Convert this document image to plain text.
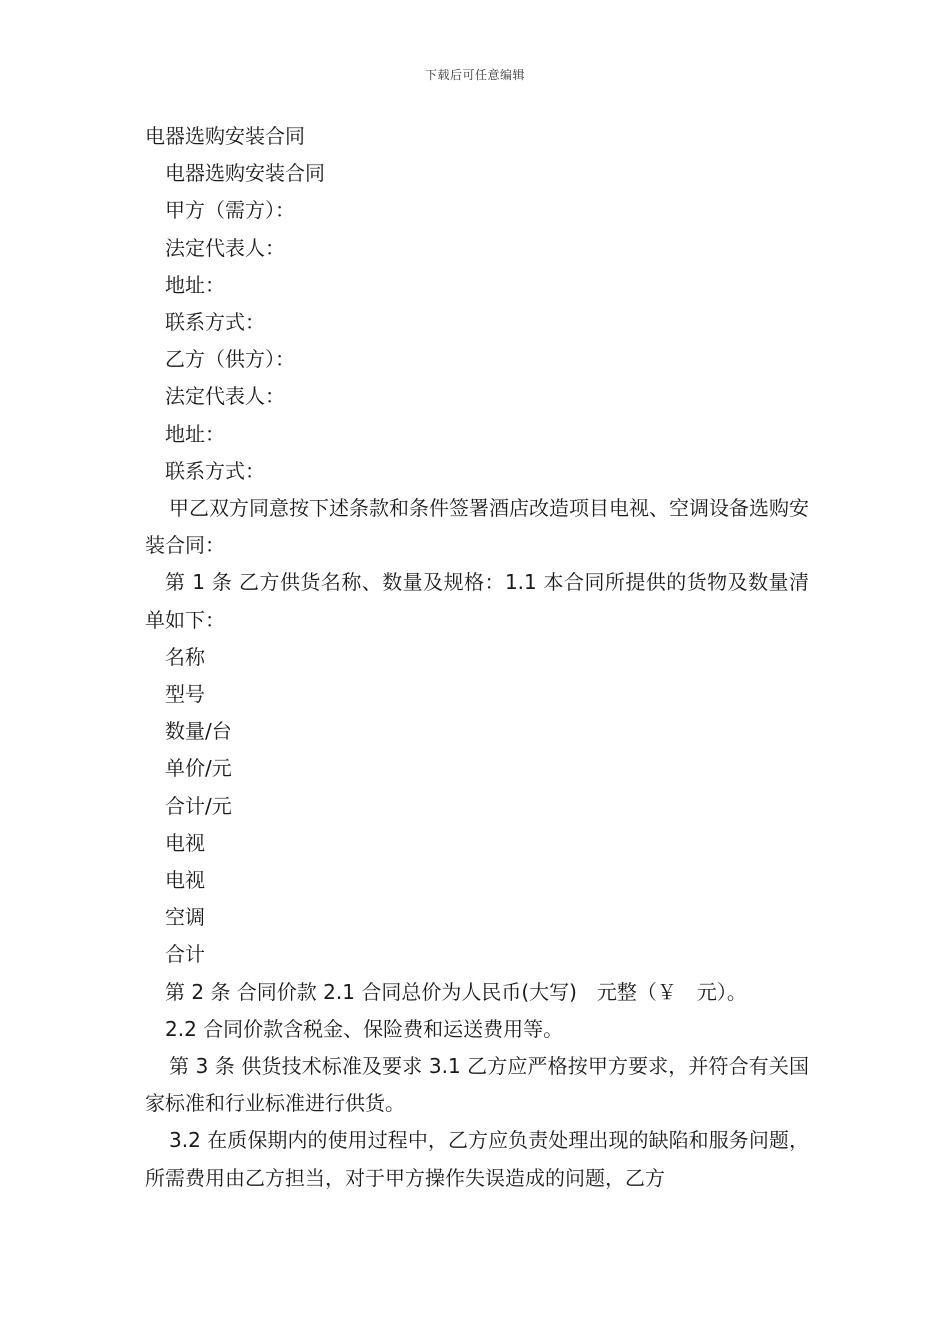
下载后可任意编辑

电器选购安装合同

电器选购安装合同

甲方（需方）：

法定代表人：

地址：

联系方式：

乙方（供方）：

法定代表人：

地址：

联系方式：

甲乙双方同意按下述条款和条件签署酒店改造项目电视、空调设备选购安装合同：

第 1 条 乙方供货名称、数量及规格：1.1 本合同所提供的货物及数量清单如下：

名称

型号

数量/台

单价/元

合计/元

电视

电视

空调

合计

第 2 条 合同价款 2.1 合同总价为人民币(大写)　元整（￥　元）。

2.2 合同价款含税金、保险费和运送费用等。

第 3 条 供货技术标准及要求 3.1 乙方应严格按甲方要求，并符合有关国家标准和行业标准进行供货。

3.2 在质保期内的使用过程中，乙方应负责处理出现的缺陷和服务问题，所需费用由乙方担当，对于甲方操作失误造成的问题，乙方
